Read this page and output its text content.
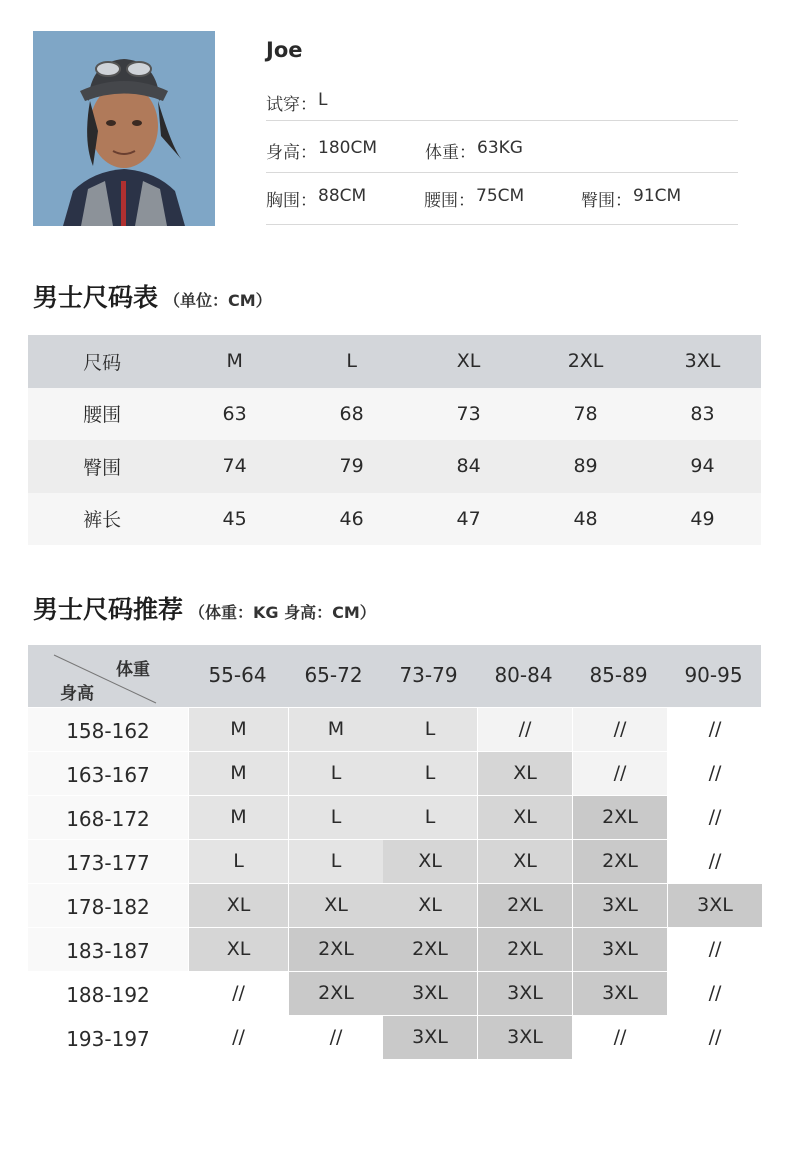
Joe
试穿： L
身高： 180CM	体重： 63KG
胸围： 88CM	腰围： 75CM	臀围： 91CM
男士尺码表 （单位：CM）
尺码	M	L	XL	2XL	3XL
腰围	63	68	73	78	83
臀围	74	79	84	89	94
裤长	45	46	47	48	49
男士尺码推荐 （体重：KG 身高：CM）
体重
身高
55-64	65-72	73-79	80-84	85-89	90-95
158-162	M	M	L	//	//	//
163-167	M	L	L	XL	//	//
168-172	M	L	L	XL	2XL	//
173-177	L	L	XL	XL	2XL	//
178-182	XL	XL	XL	2XL	3XL	3XL
183-187	XL	2XL	2XL	2XL	3XL	//
188-192	//	2XL	3XL	3XL	3XL	//
193-197	//	//	3XL	3XL	//	//
